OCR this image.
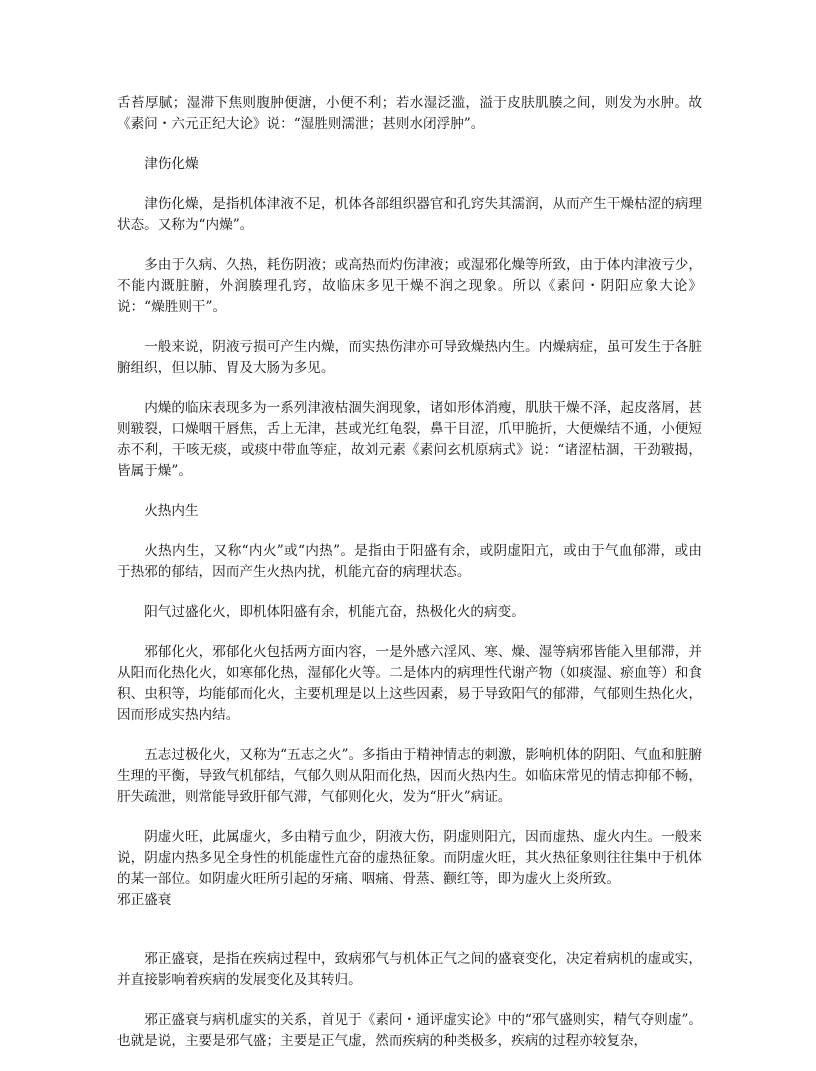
舌苔厚腻；湿滞下焦则腹肿便溏，小便不利；若水湿泛滥，溢于皮肤肌腠之间，则发为水肿。故《素问・六元正纪大论》说：“湿胜则濡泄；甚则水闭浮肿”。

津伤化燥

津伤化燥，是指机体津液不足，机体各部组织器官和孔窍失其濡润，从而产生干燥枯涩的病理状态。又称为“内燥”。

多由于久病、久热，耗伤阴液；或高热而灼伤津液；或湿邪化燥等所致，由于体内津液亏少，不能内溉脏腑，外润腠理孔窍，故临床多见干燥不润之现象。所以《素问・阴阳应象大论》说：“燥胜则干”。

一般来说，阴液亏损可产生内燥，而实热伤津亦可导致燥热内生。内燥病症，虽可发生于各脏腑组织，但以肺、胃及大肠为多见。

内燥的临床表现多为一系列津液枯涸失润现象，诸如形体消瘦，肌肤干燥不泽，起皮落屑，甚则皲裂，口燥咽干唇焦，舌上无津，甚或光红龟裂，鼻干目涩，爪甲脆折，大便燥结不通，小便短赤不利，干咳无痰，或痰中带血等症，故刘元素《素问玄机原病式》说：“诸涩枯涸，干劲皲揭，皆属于燥”。

火热内生

火热内生，又称“内火”或“内热”。是指由于阳盛有余，或阴虚阳亢，或由于气血郁滞，或由于热邪的郁结，因而产生火热内扰，机能亢奋的病理状态。

阳气过盛化火，即机体阳盛有余，机能亢奋，热极化火的病变。

邪郁化火，邪郁化火包括两方面内容，一是外感六淫风、寒、燥、湿等病邪皆能入里郁滞，并从阳而化热化火，如寒郁化热，湿郁化火等。二是体内的病理性代谢产物（如痰湿、瘀血等）和食积、虫积等，均能郁而化火，主要机理是以上这些因素，易于导致阳气的郁滞，气郁则生热化火，因而形成实热内结。

五志过极化火，又称为“五志之火”。多指由于精神情志的刺激，影响机体的阴阳、气血和脏腑生理的平衡，导致气机郁结，气郁久则从阳而化热，因而火热内生。如临床常见的情志抑郁不畅，肝失疏泄，则常能导致肝郁气滞，气郁则化火，发为“肝火”病证。

阴虚火旺，此属虚火，多由精亏血少，阴液大伤，阴虚则阳亢，因而虚热、虚火内生。一般来说，阴虚内热多见全身性的机能虚性亢奋的虚热征象。而阴虚火旺，其火热征象则往往集中于机体的某一部位。如阴虚火旺所引起的牙痛、咽痛、骨蒸、颧红等，即为虚火上炎所致。

邪正盛衰

邪正盛衰，是指在疾病过程中，致病邪气与机体正气之间的盛衰变化，决定着病机的虚或实，并直接影响着疾病的发展变化及其转归。

邪正盛衰与病机虚实的关系，首见于《素问・通评虚实论》中的“邪气盛则实，精气夺则虚”。也就是说，主要是邪气盛；主要是正气虚，然而疾病的种类极多，疾病的过程亦较复杂，
